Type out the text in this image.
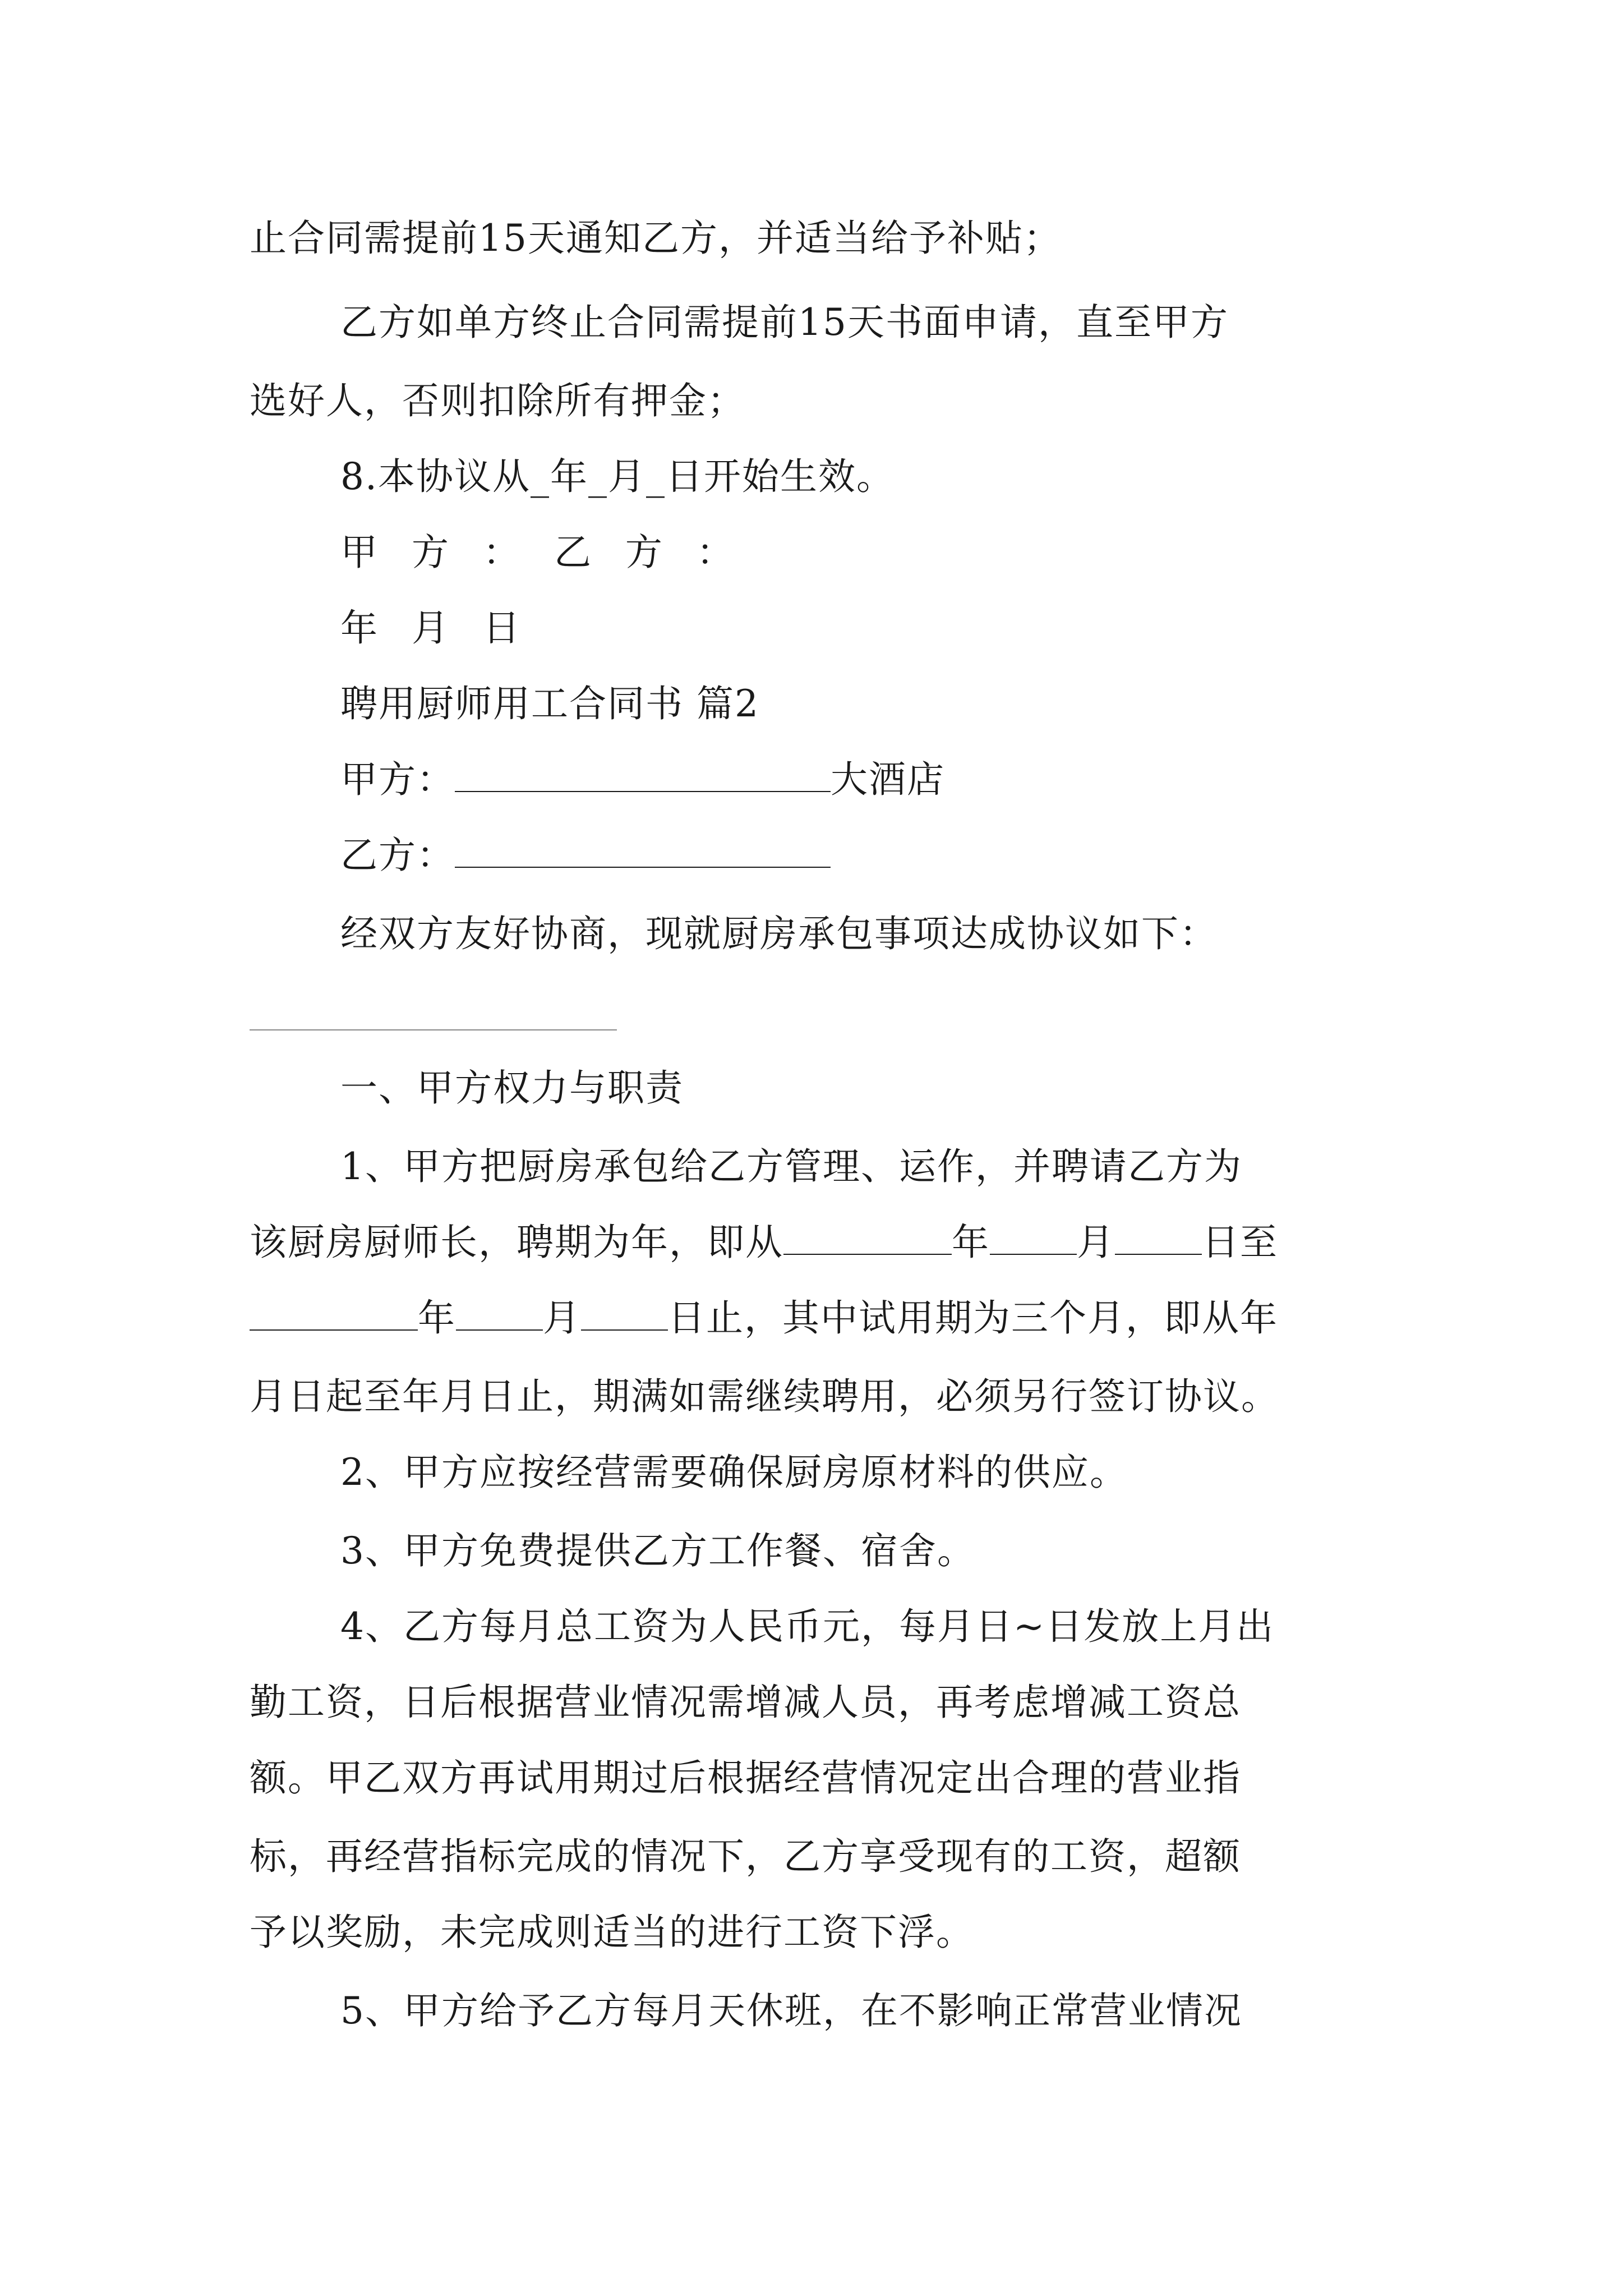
止合同需提前15天通知乙方，并适当给予补贴；
乙方如单方终止合同需提前15天书面申请，直至甲方
选好人，否则扣除所有押金；
8.本协议从_年_月_日开始生效。
甲 方 ： 乙 方 ：
年 月 日
聘用厨师用工合同书 篇2
甲方：	大酒店
乙方：
经双方友好协商，现就厨房承包事项达成协议如下：
一、甲方权力与职责
1、甲方把厨房承包给乙方管理、运作，并聘请乙方为
该厨房厨师长，聘期为年，即从	年 月 日至
年 月 日止，其中试用期为三个月，即从年
月日起至年月日止，期满如需继续聘用，必须另行签订协议。
2、甲方应按经营需要确保厨房原材料的供应。
3、甲方免费提供乙方工作餐、宿舍。
4、乙方每月总工资为人民币元，每月日~日发放上月出
勤工资，日后根据营业情况需增减人员，再考虑增减工资总
额。甲乙双方再试用期过后根据经营情况定出合理的营业指
标，再经营指标完成的情况下，乙方享受现有的工资，超额
予以奖励，未完成则适当的进行工资下浮。
5、甲方给予乙方每月天休班，在不影响正常营业情况
